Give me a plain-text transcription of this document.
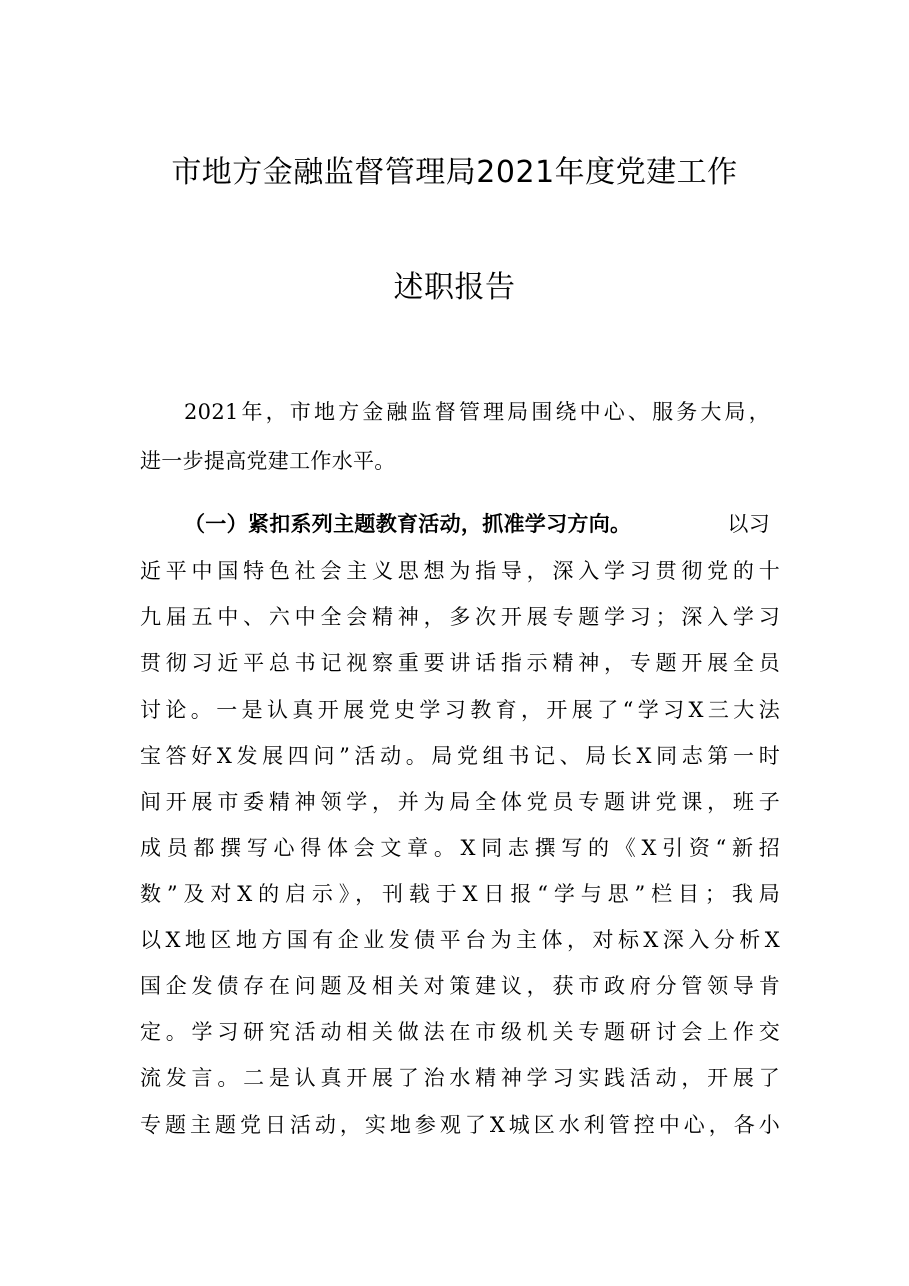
市地方金融监督管理局2021年度党建工作
述职报告
2021年，市地方金融监督管理局围绕中心、服务大局，
进一步提高党建工作水平。
（一）紧扣系列主题教育活动，抓准学习方向。	以习
近平中国特色社会主义思想为指导，深入学习贯彻党的十
九届五中、六中全会精神，多次开展专题学习；深入学习
贯彻习近平总书记视察重要讲话指示精神，专题开展全员
讨论。一是认真开展党史学习教育，开展了“学习X三大法
宝答好X发展四问”活动。局党组书记、局长X同志第一时
间开展市委精神领学，并为局全体党员专题讲党课，班子
成员都撰写心得体会文章。X同志撰写的《X引资“新招
数”及对X的启示》，刊载于X日报“学与思”栏目；我局
以X地区地方国有企业发债平台为主体，对标X深入分析X
国企发债存在问题及相关对策建议，获市政府分管领导肯
定。学习研究活动相关做法在市级机关专题研讨会上作交
流发言。二是认真开展了治水精神学习实践活动，开展了
专题主题党日活动，实地参观了X城区水利管控中心，各小
